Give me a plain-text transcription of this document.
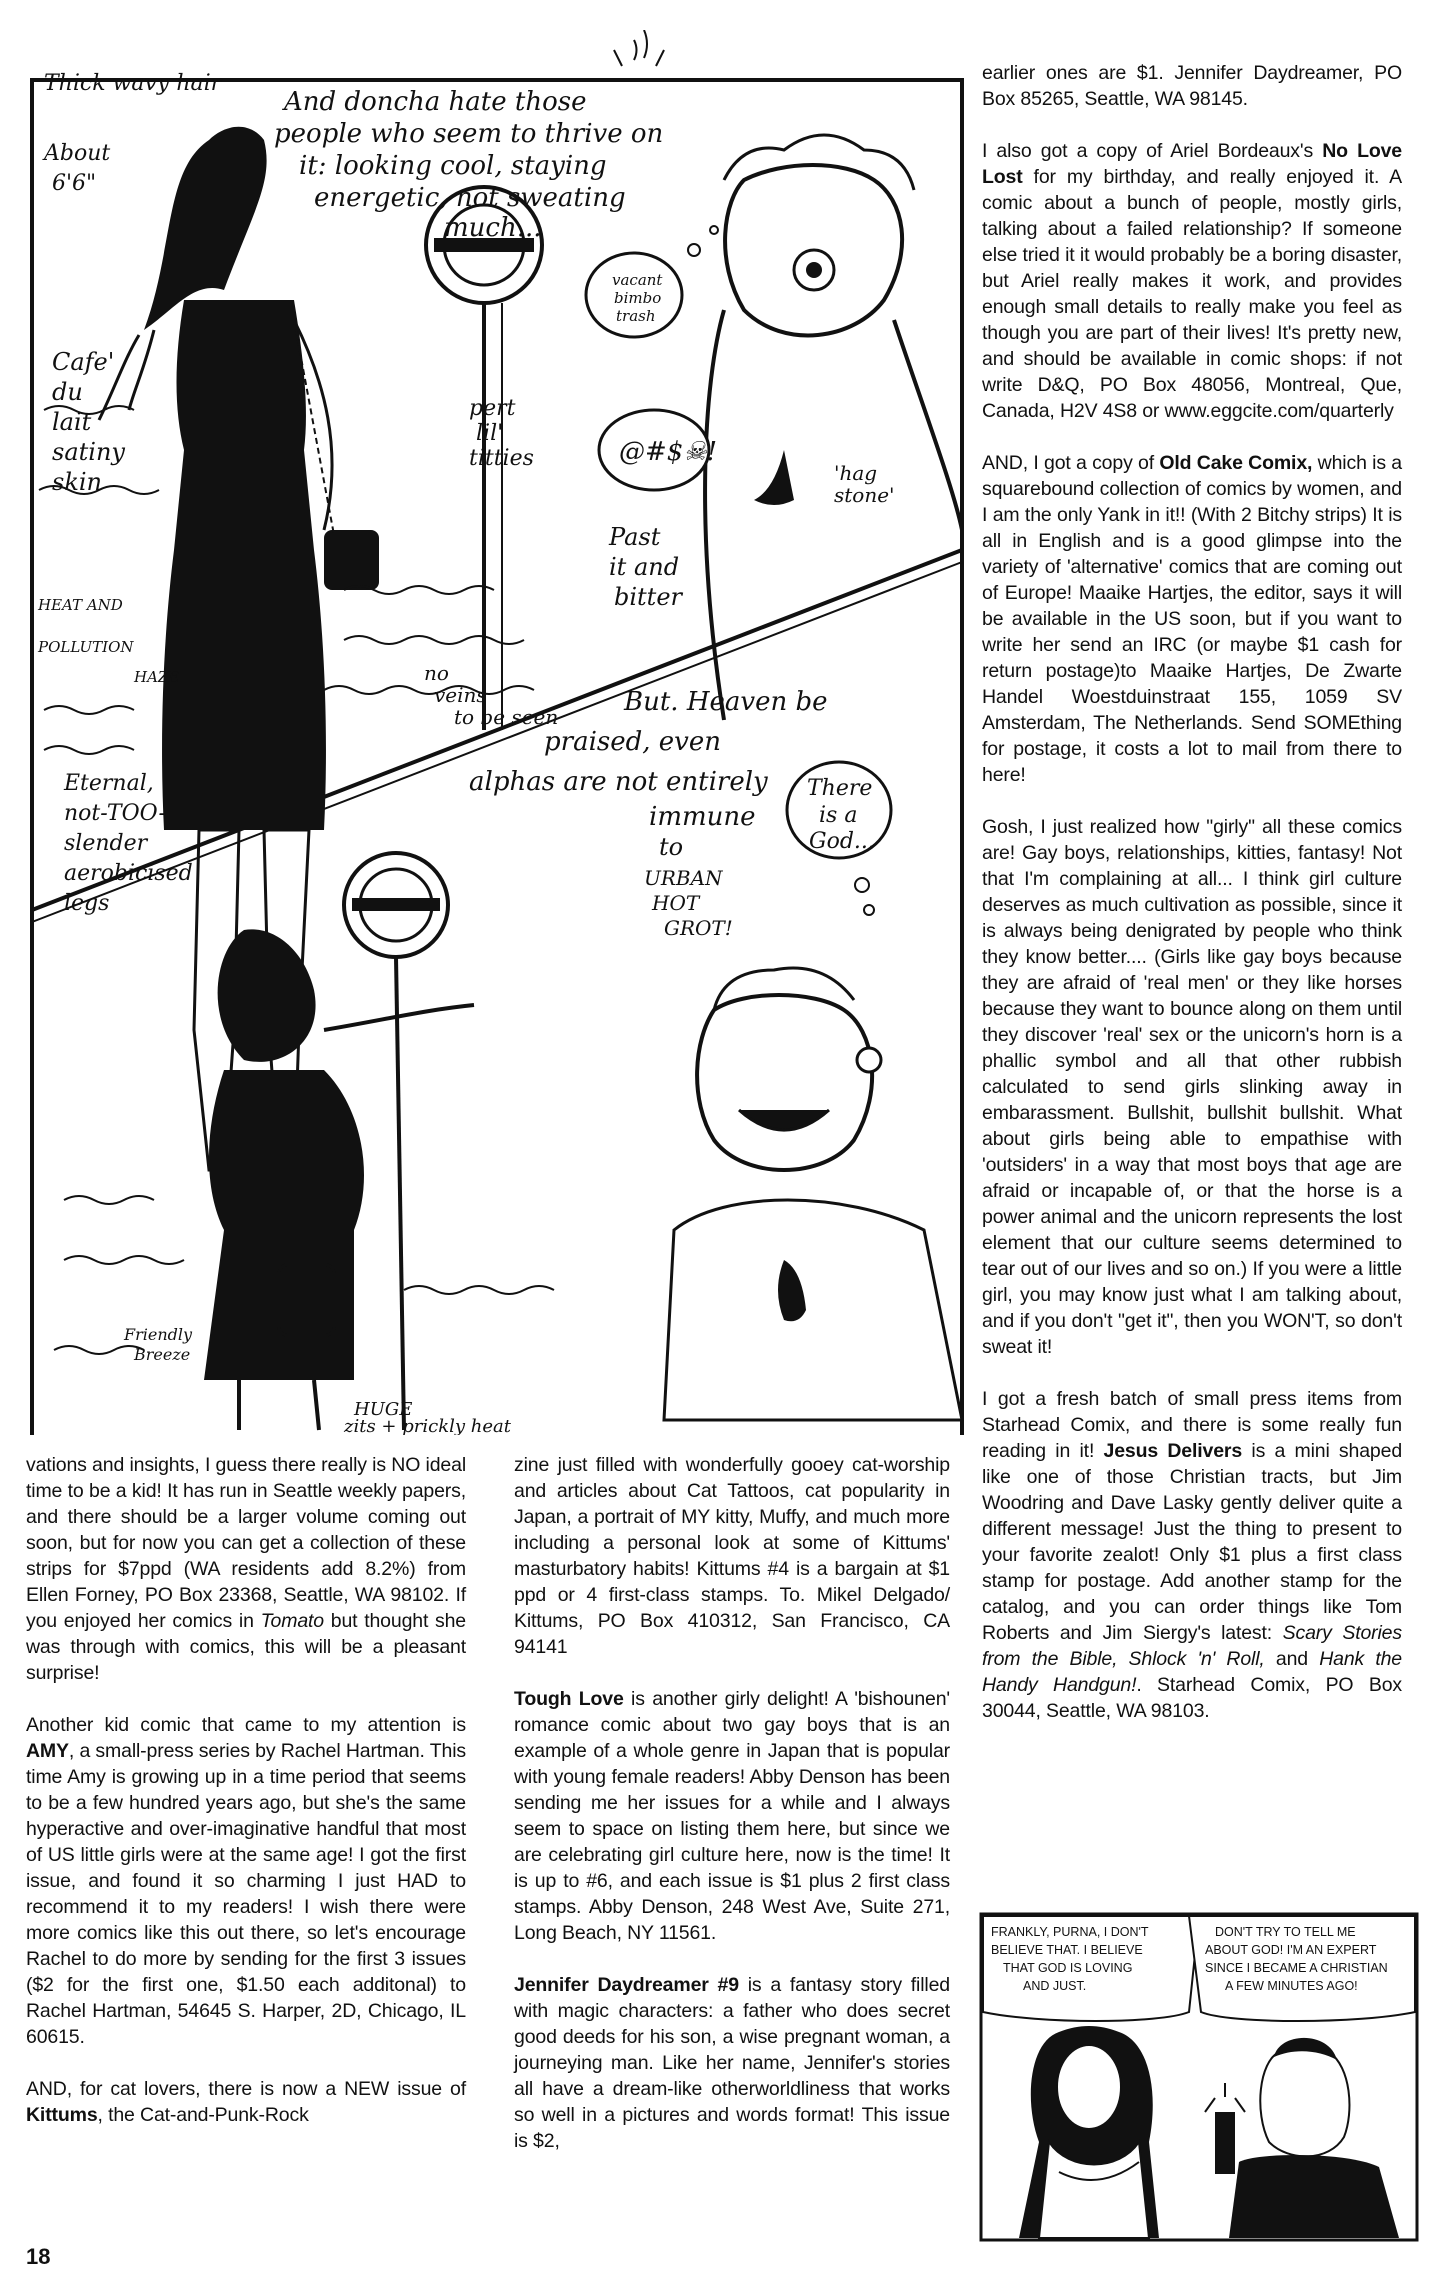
@#$☠!
Thick wavy hair
About
6'6"
And doncha hate those
people who seem to thrive on
it: looking cool, staying
energetic, not sweating
much...
vacant
bimbo
trash
Cafe'
du
lait
satiny
skin
pert
lil'
titties
'hag
stone'
Past
it and
bitter
HEAT AND
POLLUTION
HAZE	no
veins
to be seen	But. Heaven be
praised, even
alphas are not entirely
immune
to
URBAN
HOT
GROT!
There
is a
God...
Eternal,
not-TOO-
slender
aerobicised
legs
Friendly
Breeze
HUGE
zits + prickly heat

vations and insights, I guess there really is NO ideal time to be a kid! It has run in Seattle weekly papers, and there should be a larger volume coming out soon, but for now you can get a collection of these strips for $7ppd (WA residents add 8.2%) from Ellen Forney, PO Box 23368, Seattle, WA 98102. If you enjoyed her comics in Tomato but thought she was through with comics, this will be a pleasant surprise!

Another kid comic that came to my attention is AMY, a small-press series by Rachel Hartman. This time Amy is growing up in a time period that seems to be a few hundred years ago, but she's the same hyperactive and over-imaginative handful that most of US little girls were at the same age! I got the first issue, and found it so charming I just HAD to recommend it to my readers! I wish there were more comics like this out there, so let's encourage Rachel to do more by sending for the first 3 issues ($2 for the first one, $1.50 each additonal) to Rachel Hartman, 54645 S. Harper, 2D, Chicago, IL 60615.

AND, for cat lovers, there is now a NEW issue of Kittums, the Cat-and-Punk-Rock

zine just filled with wonderfully gooey cat-worship and articles about Cat Tattoos, cat popularity in Japan, a portrait of MY kitty, Muffy, and much more including a personal look at some of Kittums' masturbatory habits! Kittums #4 is a bargain at $1 ppd or 4 first-class stamps. To. Mikel Delgado/ Kittums, PO Box 410312, San Francisco, CA 94141

Tough Love is another girly delight! A 'bishounen' romance comic about two gay boys that is an example of a whole genre in Japan that is popular with young female readers! Abby Denson has been sending me her issues for a while and I always seem to space on listing them here, but since we are celebrating girl culture here, now is the time! It is up to #6, and each issue is $1 plus 2 first class stamps. Abby Denson, 248 West Ave, Suite 271, Long Beach, NY 11561.

Jennifer Daydreamer #9 is a fantasy story filled with magic characters: a father who does secret good deeds for his son, a wise pregnant woman, a journeying man. Like her name, Jennifer's stories all have a dream-like otherworldliness that works so well in a pictures and words format! This issue is $2,

earlier ones are $1. Jennifer Daydreamer, PO Box 85265, Seattle, WA 98145.

I also got a copy of Ariel Bordeaux's No Love Lost for my birthday, and really enjoyed it. A comic about a bunch of people, mostly girls, talking about a failed relationship? If someone else tried it it would probably be a boring disaster, but Ariel really makes it work, and provides enough small details to really make you feel as though you are part of their lives! It's pretty new, and should be available in comic shops: if not write D&Q, PO Box 48056, Montreal, Que, Canada, H2V 4S8 or www.eggcite.com/quarterly

AND, I got a copy of Old Cake Comix, which is a squarebound collection of comics by women, and I am the only Yank in it!! (With 2 Bitchy strips) It is all in English and is a good glimpse into the variety of 'alternative' comics that are coming out of Europe! Maaike Hartjes, the editor, says it will be available in the US soon, but if you want to write her send an IRC (or maybe $1 cash for return postage)to Maaike Hartjes, De Zwarte Handel Woestduinstraat 155, 1059 SV Amsterdam, The Netherlands. Send SOMEthing for postage, it costs a lot to mail from there to here!

Gosh, I just realized how "girly" all these comics are! Gay boys, relationships, kitties, fantasy! Not that I'm complaining at all... I think girl culture deserves as much cultivation as possible, since it is always being denigrated by people who think they know better.... (Girls like gay boys because they are afraid of 'real men' or they like horses because they want to bounce along on them until they discover 'real' sex or the unicorn's horn is a phallic symbol and all that other rubbish calculated to send girls slinking away in embarassment. Bullshit, bullshit bullshit. What about girls being able to empathise with 'outsiders' in a way that most boys that age are afraid or incapable of, or that the horse is a power animal and the unicorn represents the lost element that our culture seems determined to tear out of our lives and so on.) If you were a little girl, you may know just what I am talking about, and if you don't "get it", then you WON'T, so don't sweat it!

I got a fresh batch of small press items from Starhead Comix, and there is some really fun reading in it! Jesus Delivers is a mini shaped like one of those Christian tracts, but Jim Woodring and Dave Lasky gently deliver quite a different message! Just the thing to present to your favorite zealot! Only $1 plus a first class stamp for postage. Add another stamp for the catalog, and you can order things like Tom Roberts and Jim Siergy's latest: Scary Stories from the Bible, Shlock 'n' Roll, and Hank the Handy Handgun!. Starhead Comix, PO Box 30044, Seattle, WA 98103.

FRANKLY, PURNA, I DON'T BELIEVE THAT. I BELIEVE THAT GOD IS LOVING AND JUST.
DON'T TRY TO TELL ME ABOUT GOD! I'M AN EXPERT SINCE I BECAME A CHRISTIAN A FEW MINUTES AGO!
18
